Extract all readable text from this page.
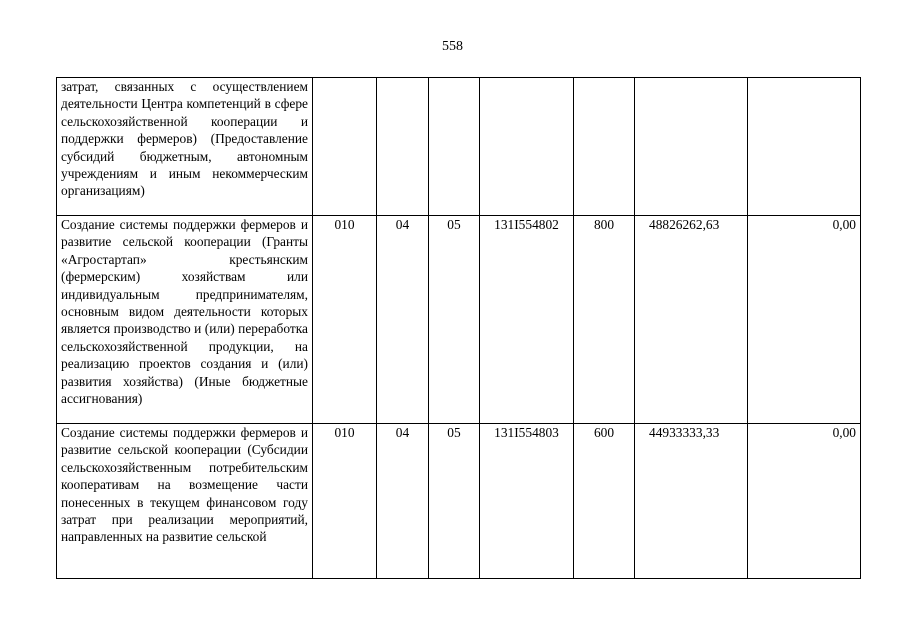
558
затрат, связанных с осуществлением деятельности Центра компетенций в сфере сельскохозяйственной кооперации и поддержки фермеров) (Предоставление субсидий бюджетным, автономным учреждениям и иным некоммерческим организациям)							

Создание системы поддержки фермеров и развитие сельской кооперации (Гранты «Агростартап» крестьянским (фермерским) хозяйствам или индивидуальным предпринимателям, основным видом деятельности которых является производство и (или) переработка сельскохозяйственной продукции, на реализацию проектов создания и (или) развития хозяйства) (Иные бюджетные ассигнования)	010	04	05	131I554802	800	48826262,63	0,00

Создание системы поддержки фермеров и развитие сельской кооперации (Субсидии сельскохозяйственным потребительским кооперативам на возмещение части понесенных в текущем финансовом году затрат при реализации мероприятий, направленных на развитие сельской	010	04	05	131I554803	600	44933333,33	0,00
